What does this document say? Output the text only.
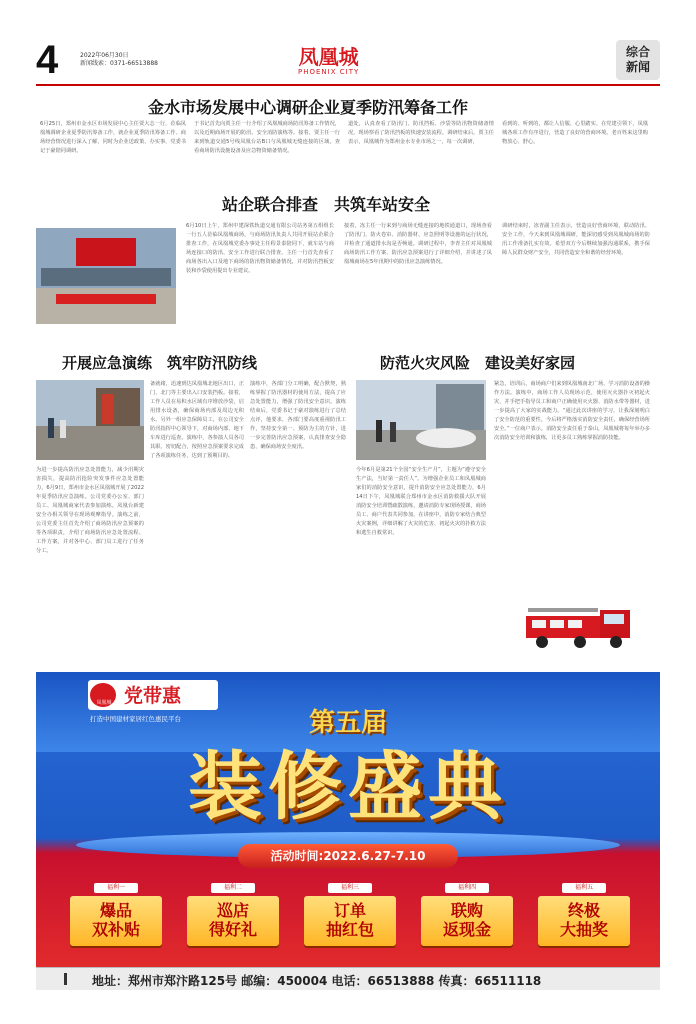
4	2022年06月30日
新闻线索：0371-66513888	凤凰城
PHOENIX CITY
综合
新闻
金水市场发展中心调研企业夏季防汛筹备工作
6月25日，郑州市金水区市场发展中心主任贾大志一行，莅临凤凰城调研企业夏季防汛筹备工作，就企业夏季防汛筹备工作、商场经营情况进行深入了解，同时为企业送政策，办实事，党委书记于豪陪同调研。
于书记首先向贾主任一行介绍了凤凰城商场防汛筹备工作情况，以及近期商场开展的防汛、安全消防演练等。接着，贾主任一行来到轨道交通5号线凤凰台站B口与凤凰城无缝连接的区域，查看商场防汛设施设备及应急物资储备情况。
道处，认真查看了防汛门、防汛挡板、沙袋等防汛物资储备情况，现场察看了防汛挡板的快速安装流程。调研结束后，贾主任表示，凤凰城作为郑州金水专业市场之一，每一次调研，
看到的、听到的，都让人信服、心里踏实。在党建引领下，凤凰城各项工作有序进行，营造了良好的营商环境。老百姓来这里购物放心、舒心。
站企联合排查　共筑车站安全
6月10日上午，郑州中建深铁轨道交通有限公司站务第五组组长一行五人莅临凤凰城商场，与商场防汛负责人共同开展站企联合排查工作，在凤凰城党委办事处主任程景泰陪同下，就车站与商场连接口的防汛、安全工作进行联合排查。主任一行首先查看了商场各出入口及地下商场的防汛物资储备情况，并对防汛挡板安装和沙袋使用提出专业建议。
接着，冻主任一行来到与商场无缝连接的地铁通道口，现场查看了防汛门、防火卷帘、消防器材、应急照明等设施的运行状况，并检查了通道排水沟是否畅通。调研过程中，李青主任对凤凰城商场防汛工作方案、防汛应急预案进行了详细介绍，并讲述了凤凰城商场在5年汛期中的防汛应急演练情况。
调研结束时，冻青副主任表示，营造良好营商环境，联动防汛、安全工作，今天来到凤凰城调研，能深切感受到凤凰城商场的防汛工作准备扎实有效。希望双方今后继续加强沟通联系，携手保障人民群众财产安全，共同营造安全和谐的经营环境。
开展应急演练　筑牢防汛防线
为进一步提高防汛应急处置能力，减少汛期灾害损失，提高防汛抢险突发事件应急处置能力，6月9日，郑州市金水区凤凰城开展了2022年夏季防汛应急演练。公司党委办公室、部门员工、凤凰城商家代表参加演练。凤凰台新建安全办相关领导在现场观摩指导。演练之前，公司党委主任首先介绍了商场防汛应急预案的等各项职责，介绍了商场防汛应急处置流程、工作方案，并对各中心、部门员工进行了任务分工。
备就绪，迅速到达凤凰城北地区出口，正门、北门等主要出入口安装挡板。接着，工作人员在易积水区域有序堆放沙袋，启用排水设备，确保商场内部及周边无积水。另外一组应急保障员工，在公司安全防汛指挥中心领导下，对商场内部、地下车库进行巡查。演练中，各参演人员各司其职、密切配合，按照应急预案要求完成了各项演练任务，达到了预期目的。
演练中，各部门分工明确，配合默契，熟练掌握了防汛器材的使用方法，提高了应急处置能力，增强了防汛安全意识。演练结束后，党委书记于豪对演练进行了总结点评，他要求，各部门要高度重视防汛工作，坚持安全第一、预防为主的方针，进一步完善防汛应急预案，认真排查安全隐患，确保商场安全度汛。
防范火灾风险　建设美好家园
今年6月是第21个全国“安全生产月”，主题为“遵守安全生产法，当好第一责任人”。为增强企业员工和凤凰城商家们的消防安全意识，提升消防安全应急处置能力，6月14日下午，凤凰城联合郑州市金水区消防救援大队开展消防安全培训暨疏散演练，邀请消防专家现场授课，商场员工、商户代表共同参加。在讲座中，消防专家结合典型火灾案例，详细讲解了火灾的危害、初起火灾的扑救方法和逃生自救常识。
紧急，培训后，商场商户们来到凤凰城南北广场，学习消防设备的操作方法。演练中，商场工作人员现场示范，使用灭火器扑灭初起火灾，并手把手指导员工和商户正确使用灭火器、消防水带等器材，进一步提高了大家的实战能力。“通过此次讲座的学习，让我深刻明白了安全防范的重要性。今后将严格落实消防安全责任，确保经营场所安全。”一位商户表示。消防安全责任重于泰山，凤凰城将每年举办多次消防安全培训和演练，让更多员工熟练掌握消防技能。
凤凰城 党带惠
打造中国建材家居红色惠民平台	第五届
装修盛典
活动时间:2022.6.27-7.10
福利一
爆品
双补贴
福利二
巡店
得好礼
福利三
订单
抽红包
福利四
联购
返现金
福利五
终极
大抽奖
地址：郑州市郑汴路125号 邮编：450004 电话：66513888 传真：66511118
